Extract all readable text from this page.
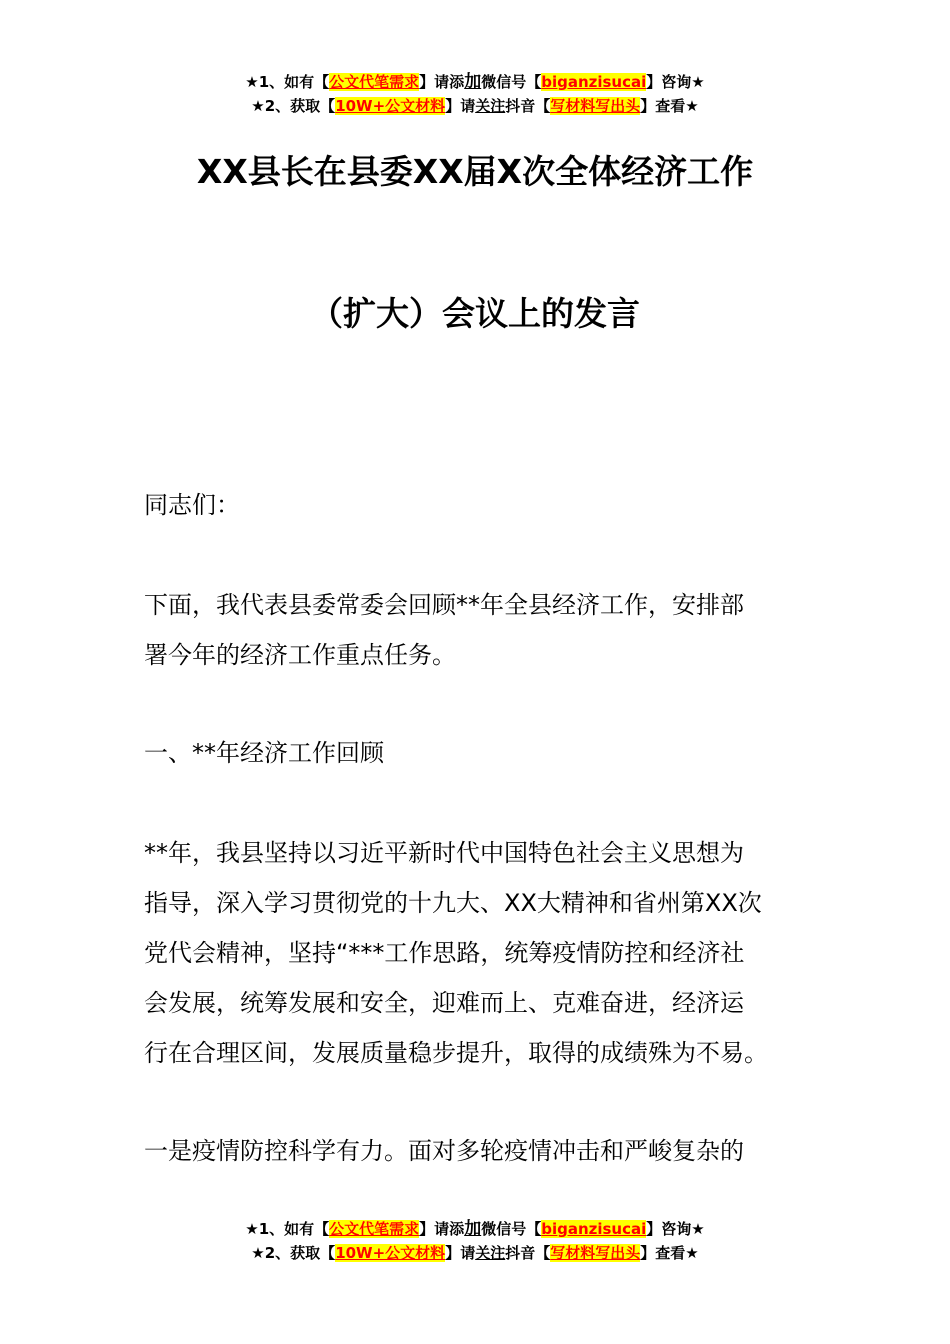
★1、如有【公文代笔需求】请添加微信号【biganzisucai】咨询★
★2、获取【10W+公文材料】请关注抖音【写材料写出头】查看★
XX县长在县委XX届X次全体经济工作
（扩大）会议上的发言

同志们：

下面，我代表县委常委会回顾**年全县经济工作，安排部

署今年的经济工作重点任务。

一、**年经济工作回顾

**年，我县坚持以习近平新时代中国特色社会主义思想为

指导，深入学习贯彻党的十九大、XX大精神和省州第XX次

党代会精神，坚持“***工作思路，统筹疫情防控和经济社

会发展，统筹发展和安全，迎难而上、克难奋进，经济运

行在合理区间，发展质量稳步提升，取得的成绩殊为不易。

一是疫情防控科学有力。面对多轮疫情冲击和严峻复杂的

★1、如有【公文代笔需求】请添加微信号【biganzisucai】咨询★
★2、获取【10W+公文材料】请关注抖音【写材料写出头】查看★
